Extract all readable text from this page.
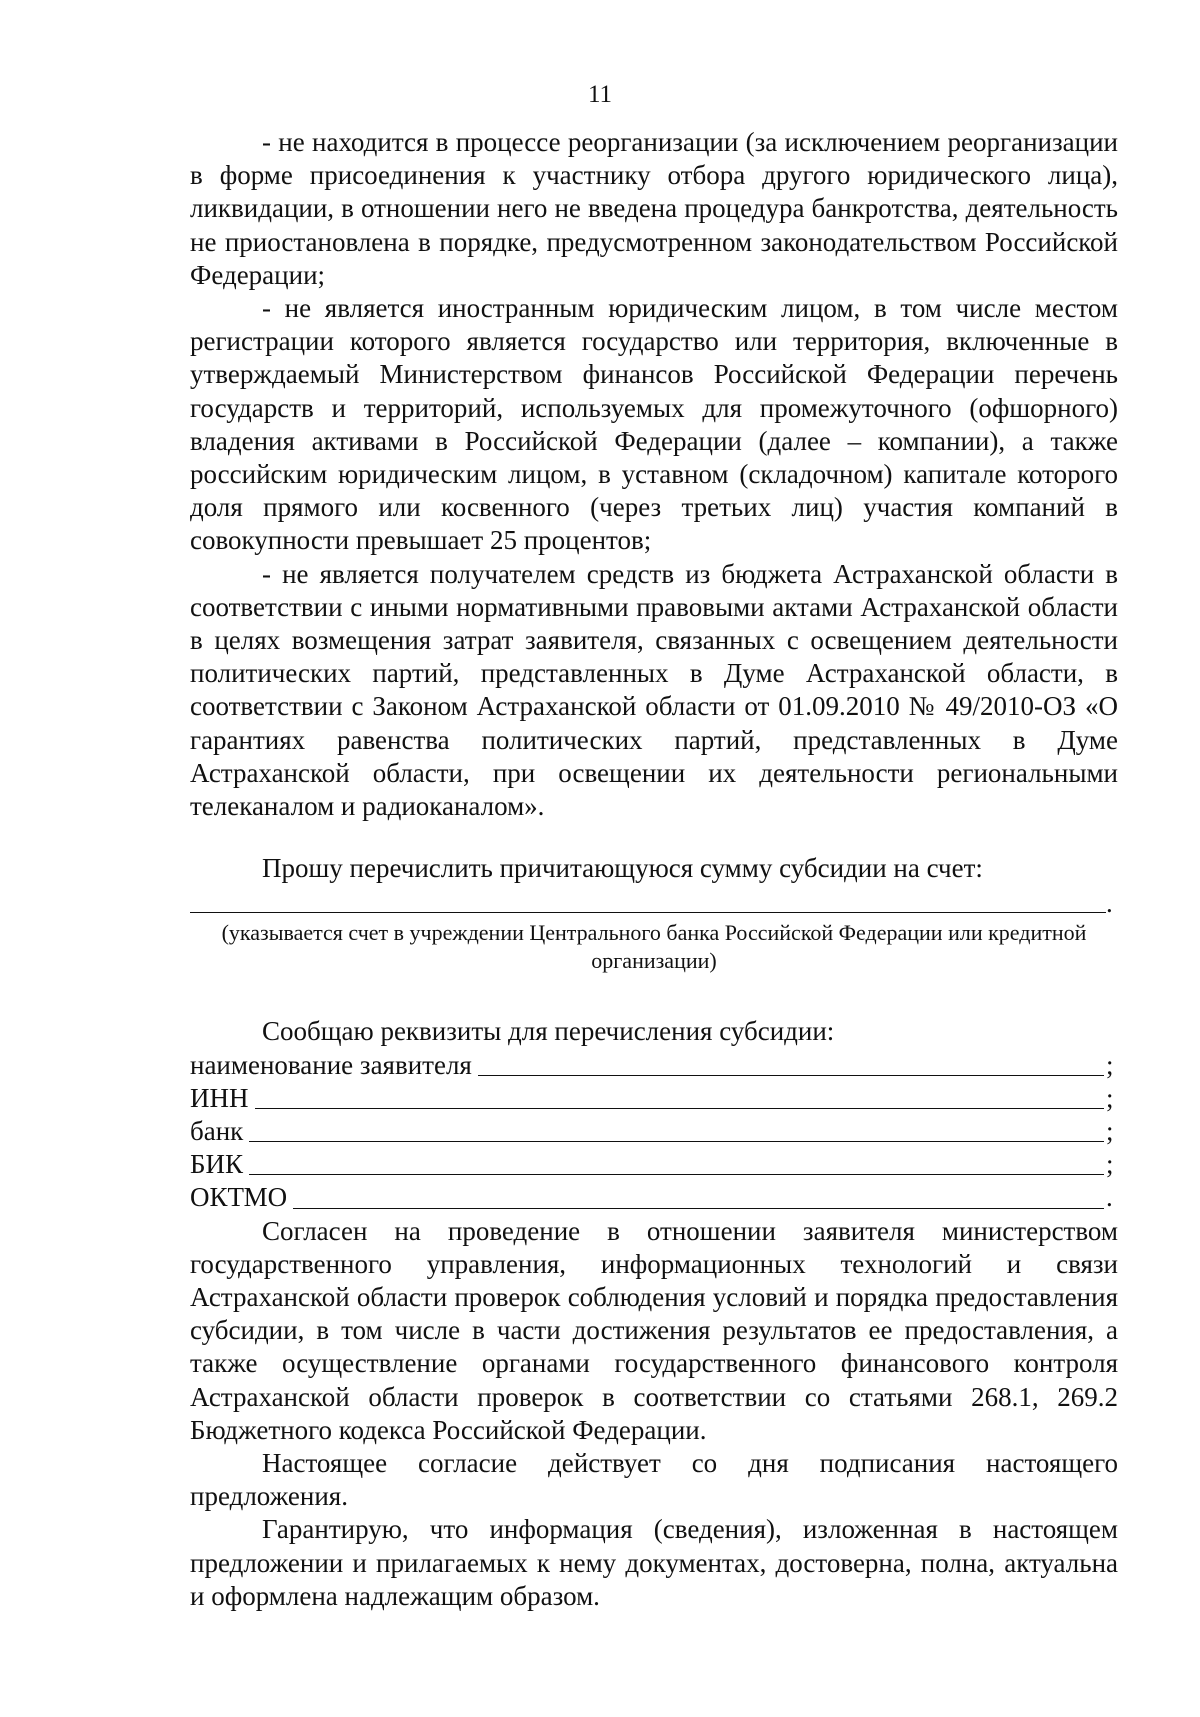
11

- не находится в процессе реорганизации (за исключением реорганизации в форме присоединения к участнику отбора другого юридического лица), ликвидации, в отношении него не введена процедура банкротства, деятельность не приостановлена в порядке, предусмотренном законодательством Российской Федерации;

- не является иностранным юридическим лицом, в том числе местом регистрации которого является государство или территория, включенные в утверждаемый Министерством финансов Российской Федерации перечень государств и территорий, используемых для промежуточного (офшорного) владения активами в Российской Федерации (далее – компании), а также российским юридическим лицом, в уставном (складочном) капитале которого доля прямого или косвенного (через третьих лиц) участия компаний в совокупности превышает 25 процентов;

- не является получателем средств из бюджета Астраханской области в соответствии с иными нормативными правовыми актами Астраханской области в целях возмещения затрат заявителя, связанных с освещением деятельности политических партий, представленных в Думе Астраханской области, в соответствии с Законом Астраханской области от 01.09.2010 № 49/2010-ОЗ «О гарантиях равенства политических партий, представленных в Думе Астраханской области, при освещении их деятельности региональными телеканалом и радиоканалом».

Прошу перечислить причитающуюся сумму субсидии на счет:

.

(указывается счет в учреждении Центрального банка Российской Федерации или кредитной организации)

Сообщаю реквизиты для перечисления субсидии:

наименование заявителя	;
ИНН	;
банк	;
БИК	;
ОКТМО	.

Согласен на проведение в отношении заявителя министерством государственного управления, информационных технологий и связи Астраханской области проверок соблюдения условий и порядка предоставления субсидии, в том числе в части достижения результатов ее предоставления, а также осуществление органами государственного финансового контроля Астраханской области проверок в соответствии со статьями 268.1, 269.2 Бюджетного кодекса Российской Федерации.

Настоящее согласие действует со дня подписания настоящего предложения.

Гарантирую, что информация (сведения), изложенная в настоящем предложении и прилагаемых к нему документах, достоверна, полна, актуальна и оформлена надлежащим образом.
